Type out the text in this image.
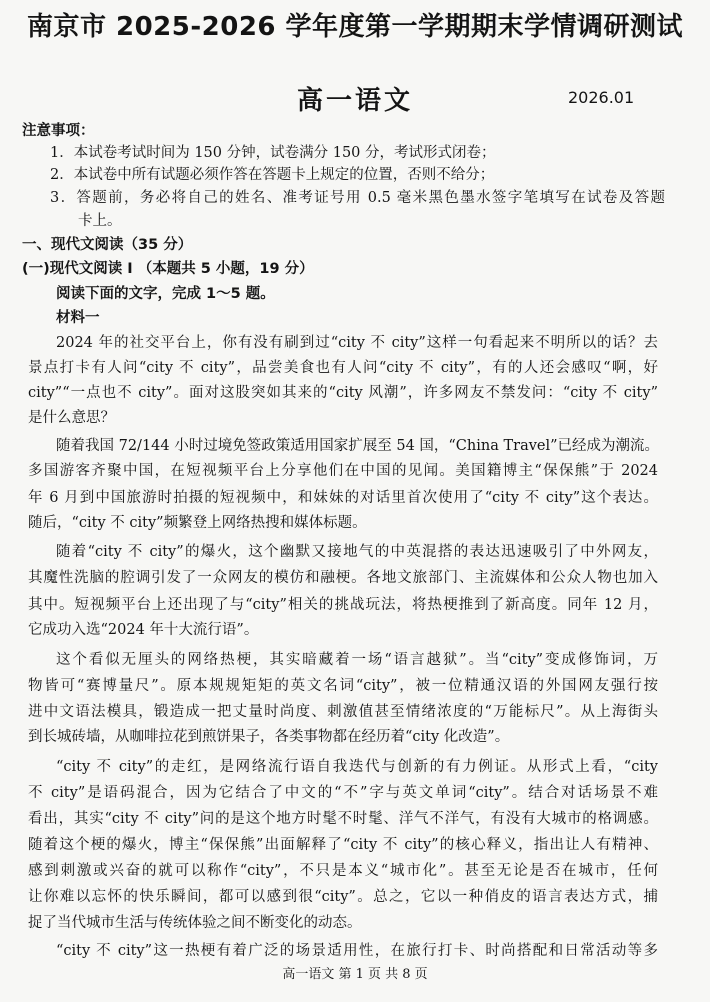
南京市 2025-2026 学年度第一学期期末学情调研测试
高一语文	2026.01
注意事项：
1．本试卷考试时间为 150 分钟，试卷满分 150 分，考试形式闭卷；
2．本试卷中所有试题必须作答在答题卡上规定的位置，否则不给分；
3．答题前，务必将自己的姓名、准考证号用 0.5 毫米黑色墨水签字笔填写在试卷及答题
卡上。
一、现代文阅读（35 分）
(一)现代文阅读 I （本题共 5 小题，19 分）
阅读下面的文字，完成 1～5 题。
材料一
2024 年的社交平台上，你有没有刷到过“city 不 city”这样一句看起来不明所以的话？去
景点打卡有人问“city 不 city”，品尝美食也有人问“city 不 city”，有的人还会感叹“啊，好
city”“一点也不 city”。面对这股突如其来的“city 风潮”，许多网友不禁发问：“city 不 city”
是什么意思？
随着我国 72/144 小时过境免签政策适用国家扩展至 54 国，“China Travel”已经成为潮流。
多国游客齐聚中国，在短视频平台上分享他们在中国的见闻。美国籍博主“保保熊”于 2024
年 6 月到中国旅游时拍摄的短视频中，和妹妹的对话里首次使用了“city 不 city”这个表达。
随后，“city 不 city”频繁登上网络热搜和媒体标题。
随着“city 不 city”的爆火，这个幽默又接地气的中英混搭的表达迅速吸引了中外网友，
其魔性洗脑的腔调引发了一众网友的模仿和融梗。各地文旅部门、主流媒体和公众人物也加入
其中。短视频平台上还出现了与“city”相关的挑战玩法，将热梗推到了新高度。同年 12 月，
它成功入选“2024 年十大流行语”。
这个看似无厘头的网络热梗，其实暗藏着一场“语言越狱”。当“city”变成修饰词，万
物皆可“赛博量尺”。原本规规矩矩的英文名词“city”，被一位精通汉语的外国网友强行按
进中文语法模具，锻造成一把丈量时尚度、刺激值甚至情绪浓度的“万能标尺”。从上海街头
到长城砖墙，从咖啡拉花到煎饼果子，各类事物都在经历着“city 化改造”。
“city 不 city”的走红，是网络流行语自我迭代与创新的有力例证。从形式上看，“city
不 city”是语码混合，因为它结合了中文的“不”字与英文单词“city”。结合对话场景不难
看出，其实“city 不 city”问的是这个地方时髦不时髦、洋气不洋气，有没有大城市的格调感。
随着这个梗的爆火，博主“保保熊”出面解释了“city 不 city”的核心释义，指出让人有精神、
感到刺激或兴奋的就可以称作“city”，不只是本义“城市化”。甚至无论是否在城市，任何
让你难以忘怀的快乐瞬间，都可以感到很“city”。总之，它以一种俏皮的语言表达方式，捕
捉了当代城市生活与传统体验之间不断变化的动态。
“city 不 city”这一热梗有着广泛的场景适用性，在旅行打卡、时尚搭配和日常活动等多
高一语文 第 1 页 共 8 页
